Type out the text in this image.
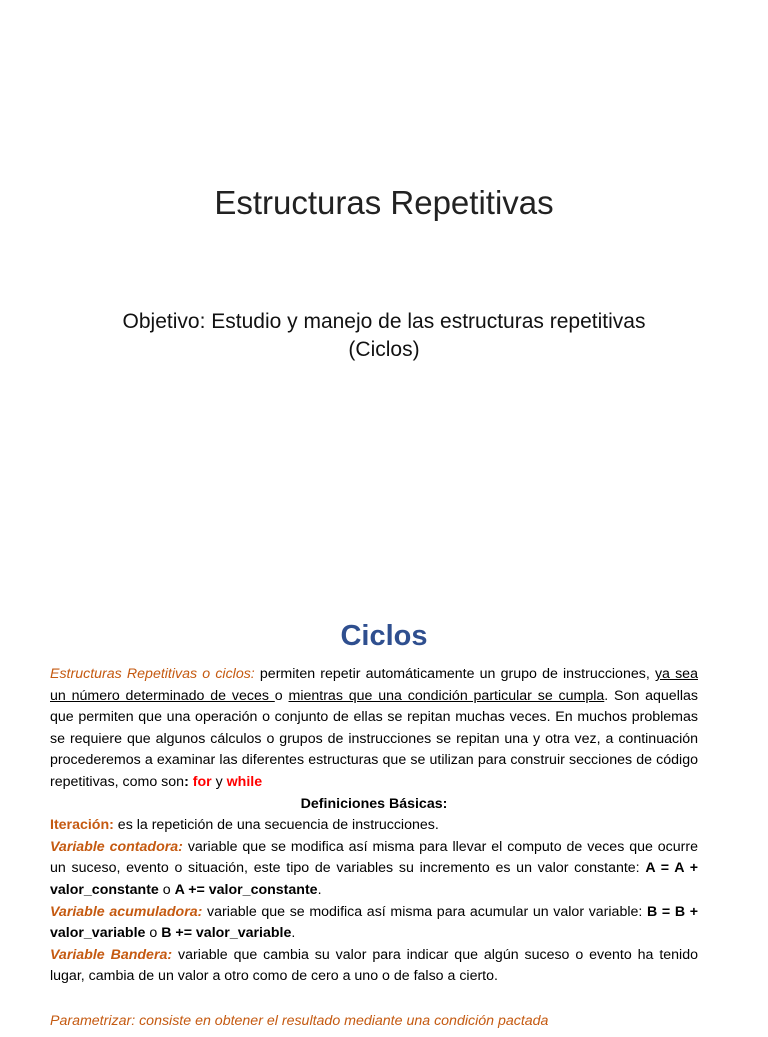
Estructuras Repetitivas
Objetivo: Estudio y manejo de las estructuras repetitivas (Ciclos)
Ciclos

Estructuras Repetitivas o ciclos: permiten repetir automáticamente un grupo de instrucciones, ya sea un número determinado de veces o mientras que una condición particular se cumpla. Son aquellas que permiten que una operación o conjunto de ellas se repitan muchas veces. En muchos problemas se requiere que algunos cálculos o grupos de instrucciones se repitan una y otra vez, a continuación procederemos a examinar las diferentes estructuras que se utilizan para construir secciones de código repetitivas, como son: for y while

Definiciones Básicas:

Iteración: es la repetición de una secuencia de instrucciones.

Variable contadora: variable que se modifica así misma para llevar el computo de veces que ocurre un suceso, evento o situación, este tipo de variables su incremento es un valor constante: A = A + valor_constante o A += valor_constante.

Variable acumuladora: variable que se modifica así misma para acumular un valor variable: B = B + valor_variable o B += valor_variable.

Variable Bandera: variable que cambia su valor para indicar que algún suceso o evento ha tenido lugar, cambia de un valor a otro como de cero a uno o de falso a cierto.

Parametrizar: consiste en obtener el resultado mediante una condición pactada
